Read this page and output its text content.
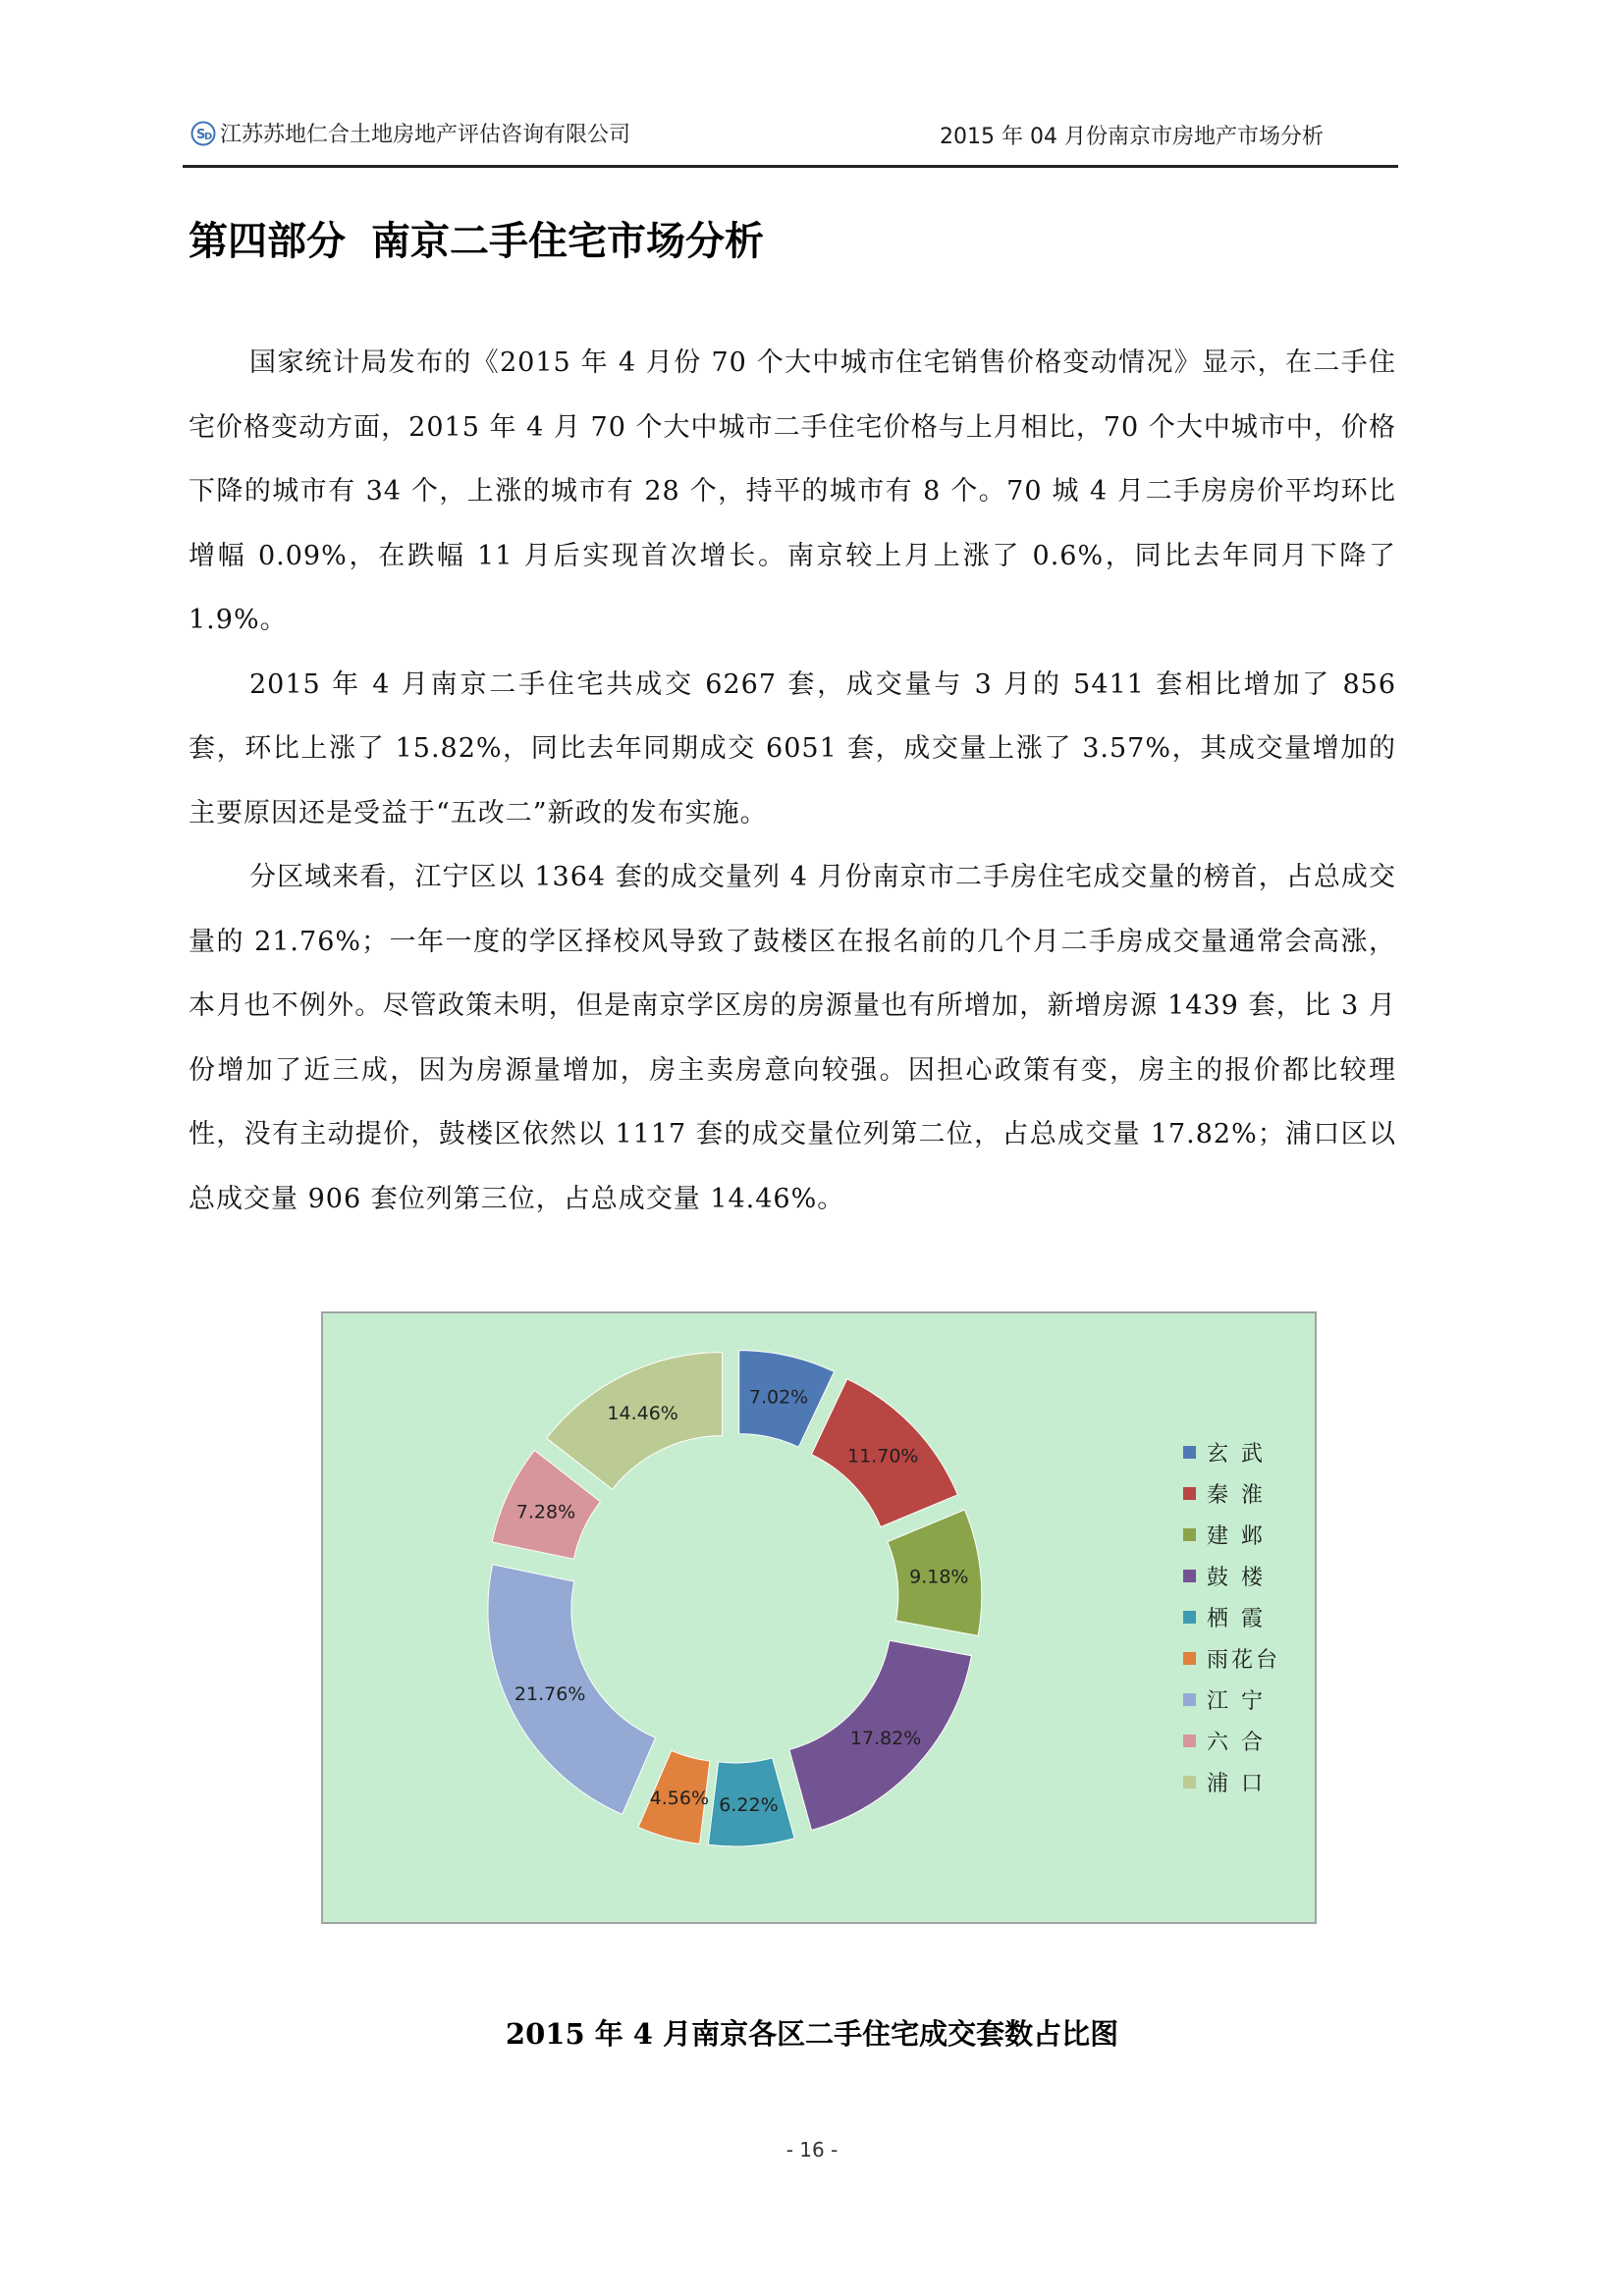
S
D 江苏苏地仁合土地房地产评估咨询有限公司	2015 年 04 月份南京市房地产市场分析
第四部分 南京二手住宅市场分析

国家统计局发布的《2015 年 4 月份 70 个大中城市住宅销售价格变动情况》显示，在二手住宅价格变动方面，2015 年 4 月 70 个大中城市二手住宅价格与上月相比，70 个大中城市中，价格下降的城市有 34 个，上涨的城市有 28 个，持平的城市有 8 个。70 城 4 月二手房房价平均环比增幅 0.09%，在跌幅 11 月后实现首次增长。南京较上月上涨了 0.6%，同比去年同月下降了 1.9%。

2015 年 4 月南京二手住宅共成交 6267 套，成交量与 3 月的 5411 套相比增加了 856 套，环比上涨了 15.82%，同比去年同期成交 6051 套，成交量上涨了 3.57%，其成交量增加的主要原因还是受益于“五改二”新政的发布实施。

分区域来看，江宁区以 1364 套的成交量列 4 月份南京市二手房住宅成交量的榜首，占总成交量的 21.76%；一年一度的学区择校风导致了鼓楼区在报名前的几个月二手房成交量通常会高涨，本月也不例外。尽管政策未明，但是南京学区房的房源量也有所增加，新增房源 1439 套，比 3 月份增加了近三成，因为房源量增加，房主卖房意向较强。因担心政策有变，房主的报价都比较理性，没有主动提价，鼓楼区依然以 1117 套的成交量位列第二位，占总成交量 17.82%；浦口区以总成交量 906 套位列第三位，占总成交量 14.46%。

7.02%
11.70%
9.18%
17.82%
6.22%
4.56%
21.76%
7.28%
14.46%
玄 武
秦 淮
建 邺
鼓 楼
栖 霞
雨花台
江 宁
六 合
浦 口
2015 年 4 月南京各区二手住宅成交套数占比图
- 16 -
